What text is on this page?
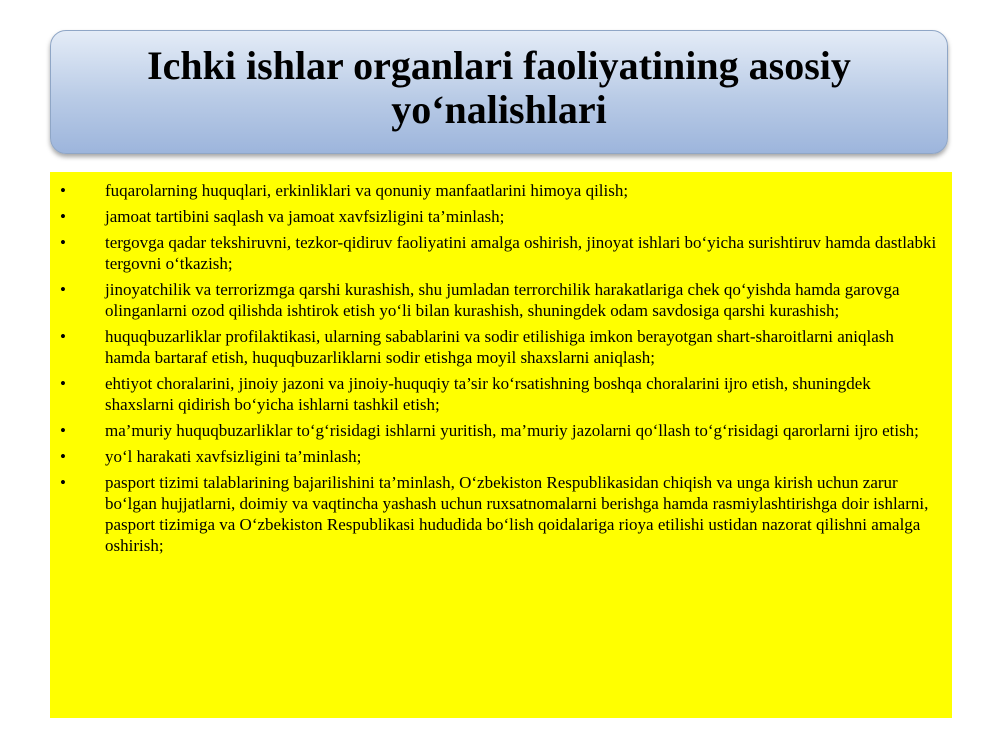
Ichki ishlar organlari faoliyatining asosiy
yo‘nalishlari
• fuqarolarning huquqlari, erkinliklari va qonuniy manfaatlarini himoya qilish;
• jamoat tartibini saqlash va jamoat xavfsizligini ta’minlash;
• tergovga qadar tekshiruvni, tezkor-qidiruv faoliyatini amalga oshirish, jinoyat ishlari bo‘yicha surishtiruv hamda dastlabki tergovni o‘tkazish;
• jinoyatchilik va terrorizmga qarshi kurashish, shu jumladan terrorchilik harakatlariga chek qo‘yishda hamda garovga olinganlarni ozod qilishda ishtirok etish yo‘li bilan kurashish, shuningdek odam savdosiga qarshi kurashish;
• huquqbuzarliklar profilaktikasi, ularning sabablarini va sodir etilishiga imkon berayotgan shart-sharoitlarni aniqlash hamda bartaraf etish, huquqbuzarliklarni sodir etishga moyil shaxslarni aniqlash;
• ehtiyot choralarini, jinoiy jazoni va jinoiy-huquqiy ta’sir ko‘rsatishning boshqa choralarini ijro etish, shuningdek shaxslarni qidirish bo‘yicha ishlarni tashkil etish;
• ma’muriy huquqbuzarliklar to‘g‘risidagi ishlarni yuritish, ma’muriy jazolarni qo‘llash to‘g‘risidagi qarorlarni ijro etish;
• yo‘l harakati xavfsizligini ta’minlash;
• pasport tizimi talablarining bajarilishini ta’minlash, O‘zbekiston Respublikasidan chiqish va unga kirish uchun zarur bo‘lgan hujjatlarni, doimiy va vaqtincha yashash uchun ruxsatnomalarni berishga hamda rasmiylashtirishga doir ishlarni, pasport tizimiga va O‘zbekiston Respublikasi hududida bo‘lish qoidalariga rioya etilishi ustidan nazorat qilishni amalga oshirish;
